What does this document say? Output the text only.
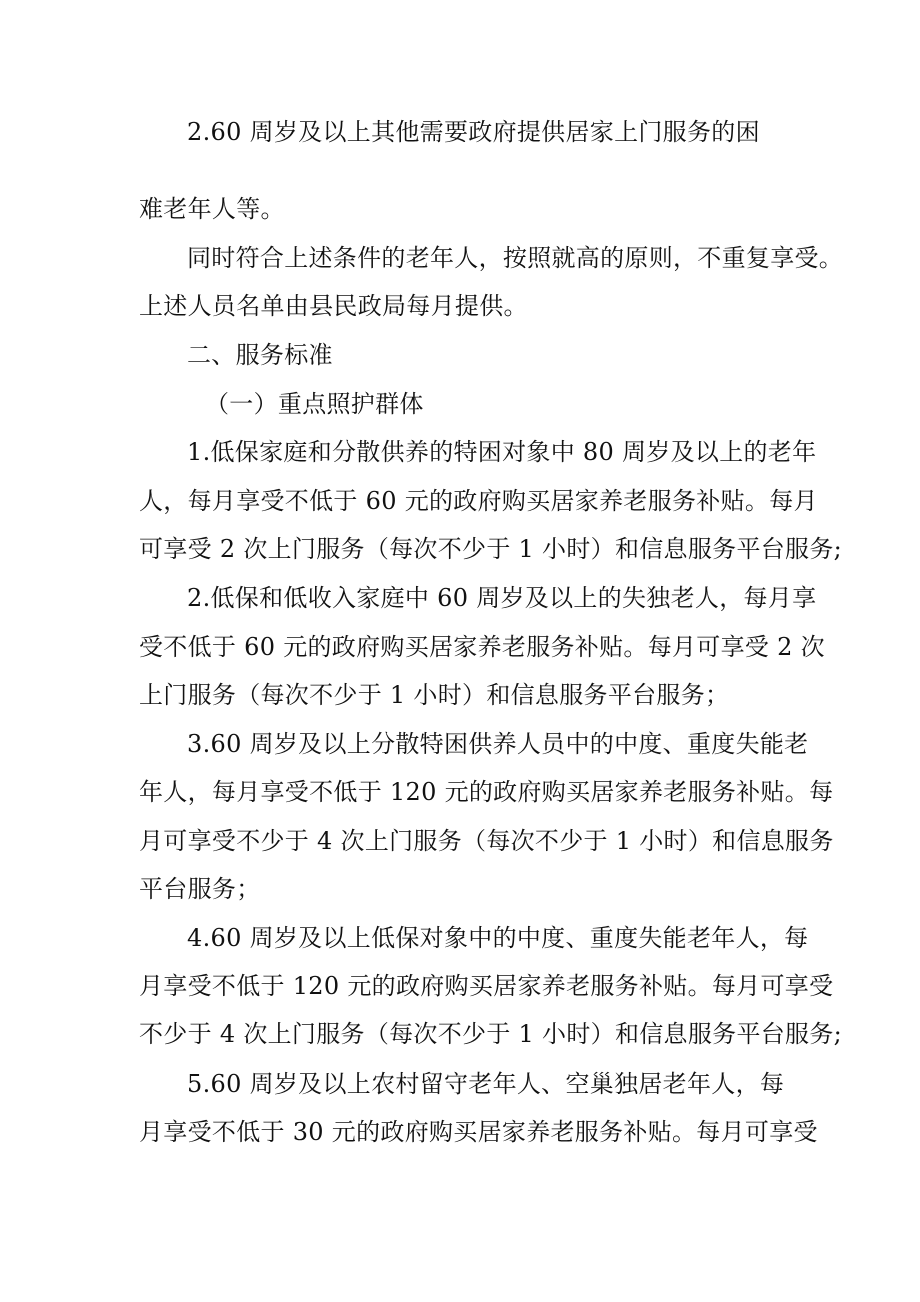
2.60 周岁及以上其他需要政府提供居家上门服务的困
难老年人等。
同时符合上述条件的老年人，按照就高的原则，不重复享受。
上述人员名单由县民政局每月提供。
二、服务标准
（一）重点照护群体
1.低保家庭和分散供养的特困对象中 80 周岁及以上的老年
人，每月享受不低于 60 元的政府购买居家养老服务补贴。每月
可享受 2 次上门服务（每次不少于 1 小时）和信息服务平台服务;
2.低保和低收入家庭中 60 周岁及以上的失独老人，每月享
受不低于 60 元的政府购买居家养老服务补贴。每月可享受 2 次
上门服务（每次不少于 1 小时）和信息服务平台服务；
3.60 周岁及以上分散特困供养人员中的中度、重度失能老
年人，每月享受不低于 120 元的政府购买居家养老服务补贴。每
月可享受不少于 4 次上门服务（每次不少于 1 小时）和信息服务
平台服务；
4.60 周岁及以上低保对象中的中度、重度失能老年人，每
月享受不低于 120 元的政府购买居家养老服务补贴。每月可享受
不少于 4 次上门服务（每次不少于 1 小时）和信息服务平台服务;
5.60 周岁及以上农村留守老年人、空巢独居老年人，每
月享受不低于 30 元的政府购买居家养老服务补贴。每月可享受
